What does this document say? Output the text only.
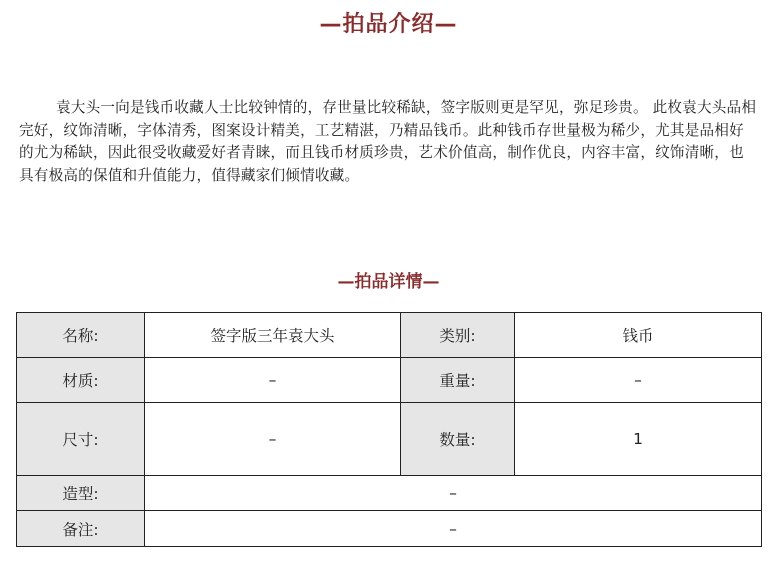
—拍品介绍—

袁大头一向是钱币收藏人士比较钟情的，存世量比较稀缺，签字版则更是罕见，弥足珍贵。 此枚袁大头品相完好，纹饰清晰，字体清秀，图案设计精美，工艺精湛，乃精品钱币。此种钱币存世量极为稀少，尤其是品相好的尤为稀缺，因此很受收藏爱好者青睐，而且钱币材质珍贵，艺术价值高，制作优良，内容丰富，纹饰清晰，也具有极高的保值和升值能力，值得藏家们倾情收藏。

—拍品详情—
名称:	签字版三年袁大头	类别:	钱币
材质:	–	重量:	–
尺寸:	–	数量:	1
造型:	–		
备注:	–		
